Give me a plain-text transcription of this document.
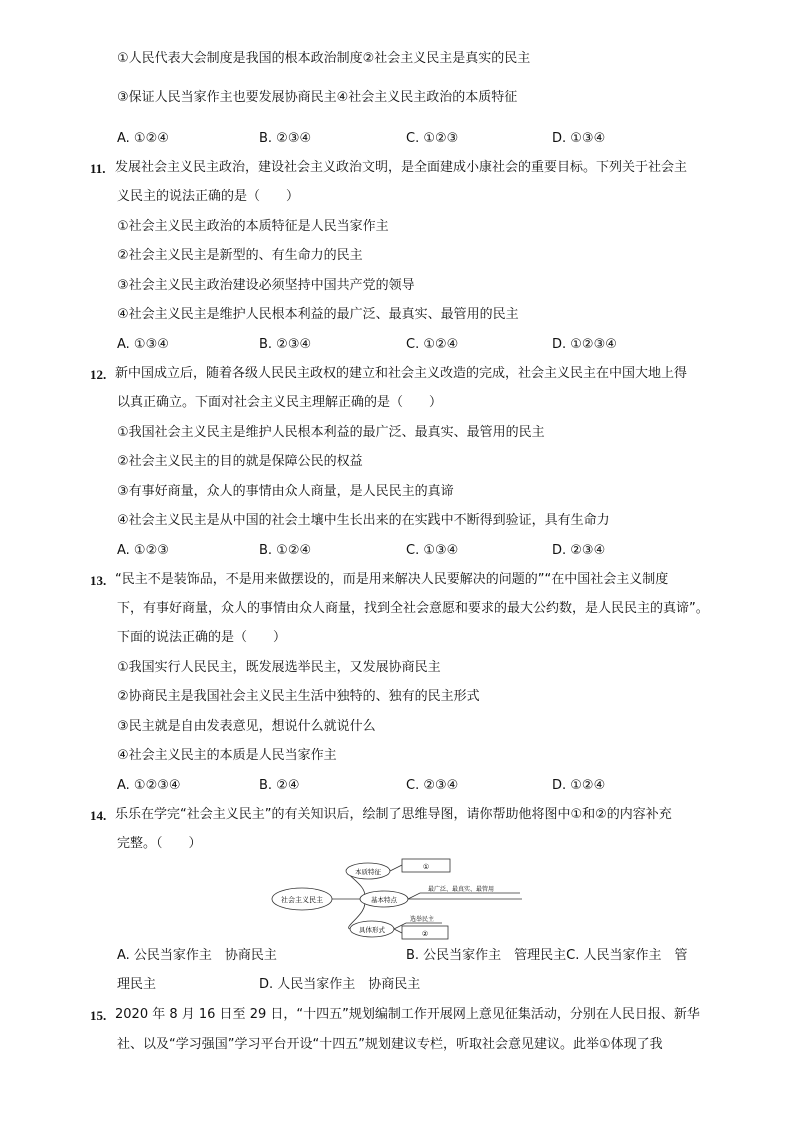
①人民代表大会制度是我国的根本政治制度②社会主义民主是真实的民主
③保证人民当家作主也要发展协商民主④社会主义民主政治的本质特征
A. ①②④	B. ②③④	C. ①②③	D. ①③④
11. 发展社会主义民主政治，建设社会主义政治文明，是全面建成小康社会的重要目标。下列关于社会主
义民主的说法正确的是（　　）
①社会主义民主政治的本质特征是人民当家作主
②社会主义民主是新型的、有生命力的民主
③社会主义民主政治建设必须坚持中国共产党的领导
④社会主义民主是维护人民根本利益的最广泛、最真实、最管用的民主
A. ①③④	B. ②③④	C. ①②④	D. ①②③④
12. 新中国成立后，随着各级人民民主政权的建立和社会主义改造的完成，社会主义民主在中国大地上得
以真正确立。下面对社会主义民主理解正确的是（　　）
①我国社会主义民主是维护人民根本利益的最广泛、最真实、最管用的民主
②社会主义民主的目的就是保障公民的权益
③有事好商量，众人的事情由众人商量，是人民民主的真谛
④社会主义民主是从中国的社会土壤中生长出来的在实践中不断得到验证，具有生命力
A. ①②③	B. ①②④	C. ①③④	D. ②③④
13. “民主不是装饰品，不是用来做摆设的，而是用来解决人民要解决的问题的”“在中国社会主义制度
下，有事好商量，众人的事情由众人商量，找到全社会意愿和要求的最大公约数，是人民民主的真谛”。
下面的说法正确的是（　　）
①我国实行人民民主，既发展选举民主，又发展协商民主
②协商民主是我国社会主义民主生活中独特的、独有的民主形式
③民主就是自由发表意见，想说什么就说什么
④社会主义民主的本质是人民当家作主
A. ①②③④	B. ②④	C. ②③④	D. ①②④
14. 乐乐在学完“社会主义民主”的有关知识后，绘制了思维导图，请你帮助他将图中①和②的内容补充
完整。（　　）
社会主义民主
本质特征
①
基本特点
最广泛、最真实、最管用
具体形式
选举民主
②
A. 公民当家作主　协商民主	B. 公民当家作主　管理民主C. 人民当家作主　管
理民主	D. 人民当家作主　协商民主
15. 2020 年 8 月 16 日至 29 日，“十四五”规划编制工作开展网上意见征集活动，分别在人民日报、新华
社、以及“学习强国”学习平台开设“十四五”规划建议专栏，听取社会意见建议。此举①体现了我
